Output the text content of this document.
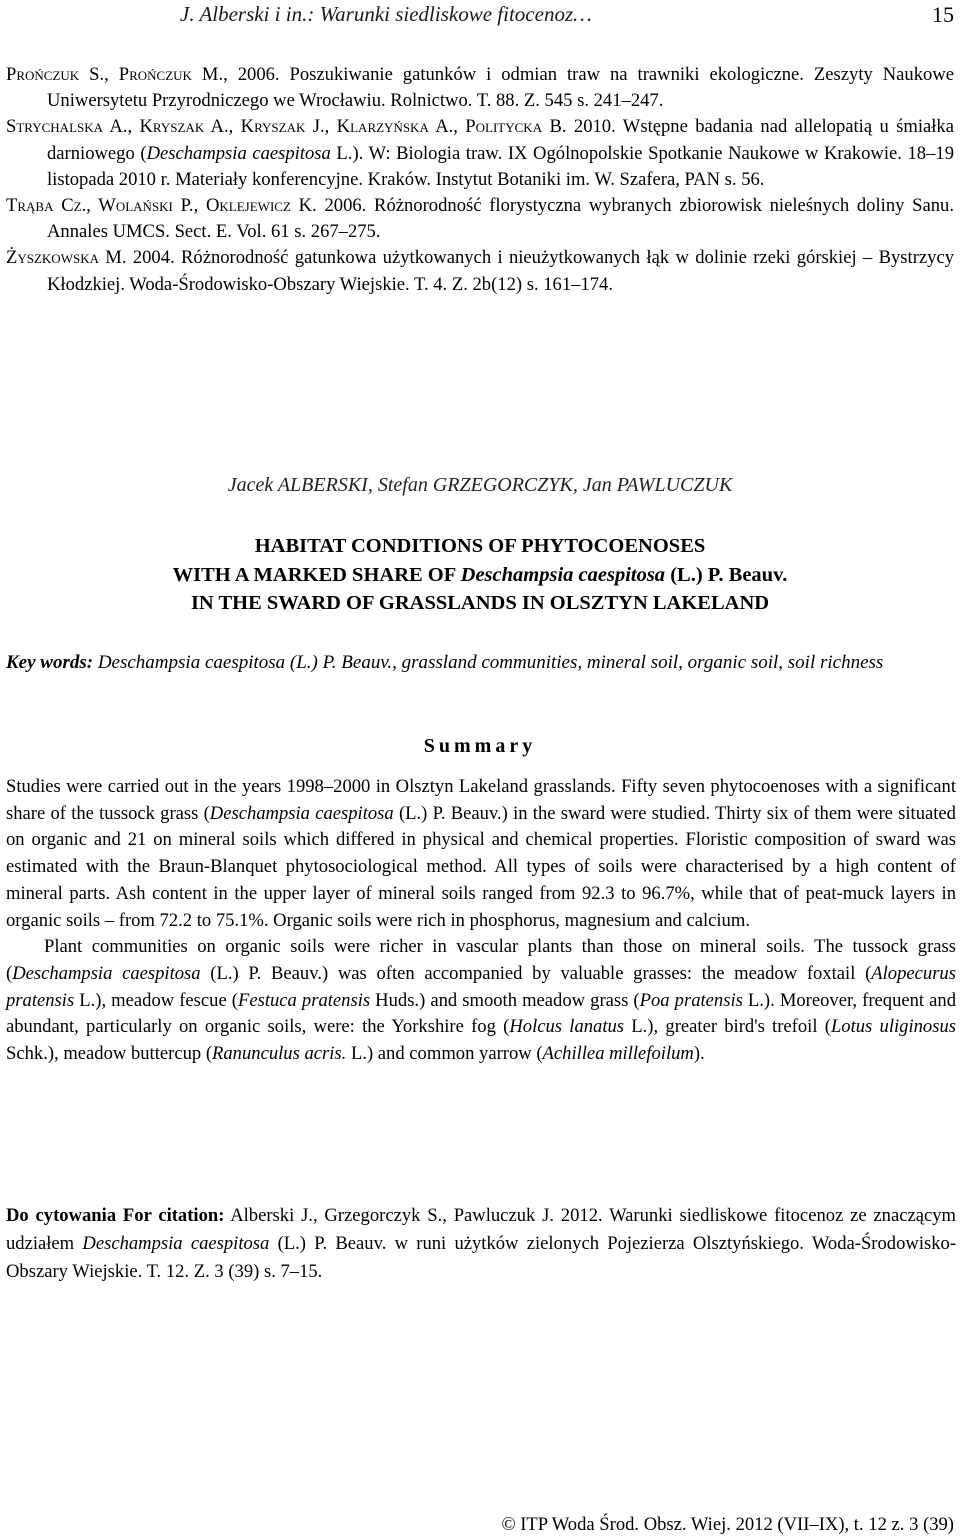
J. Alberski i in.: Warunki siedliskowe fitocenoz…	15

Prończuk S., Prończuk M., 2006. Poszukiwanie gatunków i odmian traw na trawniki ekologiczne. Zeszyty Naukowe Uniwersytetu Przyrodniczego we Wrocławiu. Rolnictwo. T. 88. Z. 545 s. 241–247.

Strychalska A., Kryszak A., Kryszak J., Klarzyńska A., Politycka B. 2010. Wstępne badania nad allelopatią u śmiałka darniowego (Deschampsia caespitosa L.). W: Biologia traw. IX Ogólnopolskie Spotkanie Naukowe w Krakowie. 18–19 listopada 2010 r. Materiały konferencyjne. Kraków. Instytut Botaniki im. W. Szafera, PAN s. 56.

Trąba Cz., Wolański P., Oklejewicz K. 2006. Różnorodność florystyczna wybranych zbiorowisk nieleśnych doliny Sanu. Annales UMCS. Sect. E. Vol. 61 s. 267–275.

Żyszkowska M. 2004. Różnorodność gatunkowa użytkowanych i nieużytkowanych łąk w dolinie rzeki górskiej – Bystrzycy Kłodzkiej. Woda-Środowisko-Obszary Wiejskie. T. 4. Z. 2b(12) s. 161–174.

Jacek ALBERSKI, Stefan GRZEGORCZYK, Jan PAWLUCZUK
HABITAT CONDITIONS OF PHYTOCOENOSES
WITH A MARKED SHARE OF Deschampsia caespitosa (L.) P. Beauv.
IN THE SWARD OF GRASSLANDS IN OLSZTYN LAKELAND
Key words: Deschampsia caespitosa (L.) P. Beauv., grassland communities, mineral soil, organic soil, soil richness
Summary

Studies were carried out in the years 1998–2000 in Olsztyn Lakeland grasslands. Fifty seven phytocoenoses with a significant share of the tussock grass (Deschampsia caespitosa (L.) P. Beauv.) in the sward were studied. Thirty six of them were situated on organic and 21 on mineral soils which differed in physical and chemical properties. Floristic composition of sward was estimated with the Braun-Blanquet phytosociological method. All types of soils were characterised by a high content of mineral parts. Ash content in the upper layer of mineral soils ranged from 92.3 to 96.7%, while that of peat-muck layers in organic soils – from 72.2 to 75.1%. Organic soils were rich in phosphorus, magnesium and calcium.

Plant communities on organic soils were richer in vascular plants than those on mineral soils. The tussock grass (Deschampsia caespitosa (L.) P. Beauv.) was often accompanied by valuable grasses: the meadow foxtail (Alopecurus pratensis L.), meadow fescue (Festuca pratensis Huds.) and smooth meadow grass (Poa pratensis L.). Moreover, frequent and abundant, particularly on organic soils, were: the Yorkshire fog (Holcus lanatus L.), greater bird's trefoil (Lotus uliginosus Schk.), meadow buttercup (Ranunculus acris. L.) and common yarrow (Achillea millefoilum).

Do cytowania For citation: Alberski J., Grzegorczyk S., Pawluczuk J. 2012. Warunki siedliskowe fitocenoz ze znaczącym udziałem Deschampsia caespitosa (L.) P. Beauv. w runi użytków zielonych Pojezierza Olsztyńskiego. Woda-Środowisko-Obszary Wiejskie. T. 12. Z. 3 (39) s. 7–15.
© ITP Woda Środ. Obsz. Wiej. 2012 (VII–IX), t. 12 z. 3 (39)
